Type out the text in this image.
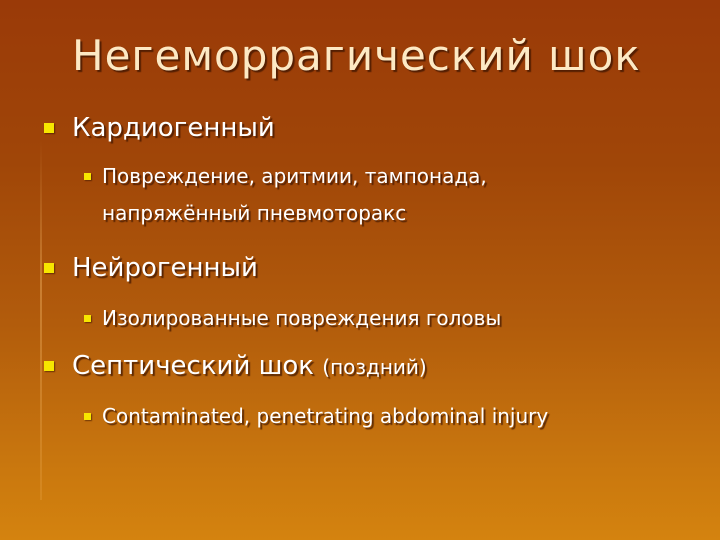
Негеморрагический шок
Кардиогенный
Повреждение, аритмии, тампонада,
напряжённый пневмоторакс
Нейрогенный
Изолированные повреждения головы
Септический шок (поздний)
Contaminated, penetrating abdominal injury
